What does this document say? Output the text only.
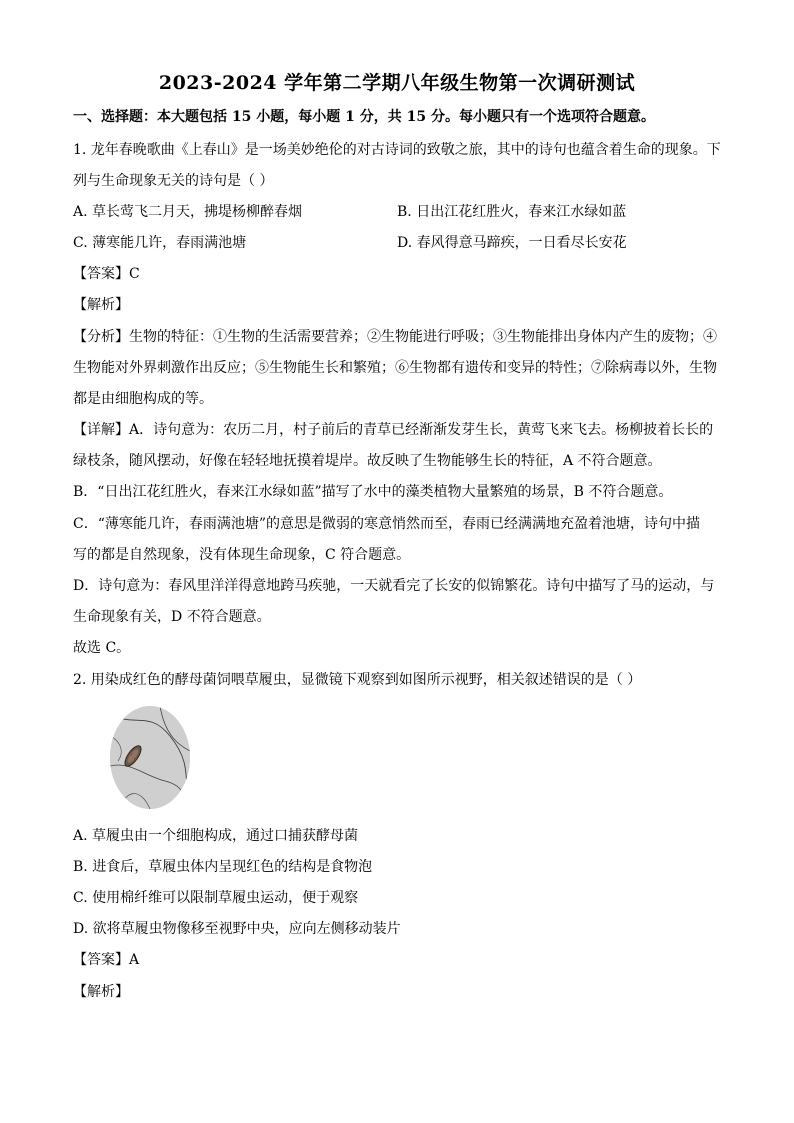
2023-2024 学年第二学期八年级生物第一次调研测试
一、选择题：本大题包括 15 小题，每小题 1 分，共 15 分。每小题只有一个选项符合题意。
1. 龙年春晚歌曲《上春山》是一场美妙绝伦的对古诗词的致敬之旅，其中的诗句也蕴含着生命的现象。下
列与生命现象无关的诗句是（ ）
A. 草长莺飞二月天，拂堤杨柳醉春烟	B. 日出江花红胜火，春来江水绿如蓝
C. 薄寒能几许，春雨满池塘	D. 春风得意马蹄疾，一日看尽长安花
【答案】C
【解析】
【分析】生物的特征：①生物的生活需要营养；②生物能进行呼吸；③生物能排出身体内产生的废物；④
生物能对外界刺激作出反应；⑤生物能生长和繁殖；⑥生物都有遗传和变异的特性；⑦除病毒以外，生物
都是由细胞构成的等。
【详解】A．诗句意为：农历二月，村子前后的青草已经渐渐发芽生长，黄莺飞来飞去。杨柳披着长长的
绿枝条，随风摆动，好像在轻轻地抚摸着堤岸。故反映了生物能够生长的特征，A 不符合题意。
B．“日出江花红胜火，春来江水绿如蓝”描写了水中的藻类植物大量繁殖的场景，B 不符合题意。
C．“薄寒能几许，春雨满池塘”的意思是微弱的寒意悄然而至，春雨已经满满地充盈着池塘，诗句中描
写的都是自然现象，没有体现生命现象，C 符合题意。
D．诗句意为：春风里洋洋得意地跨马疾驰，一天就看完了长安的似锦繁花。诗句中描写了马的运动，与
生命现象有关，D 不符合题意。
故选 C。
2. 用染成红色的酵母菌饲喂草履虫，显微镜下观察到如图所示视野，相关叙述错误的是（ ）
A. 草履虫由一个细胞构成，通过口捕获酵母菌
B. 进食后，草履虫体内呈现红色的结构是食物泡
C. 使用棉纤维可以限制草履虫运动，便于观察
D. 欲将草履虫物像移至视野中央，应向左侧移动装片
【答案】A
【解析】
